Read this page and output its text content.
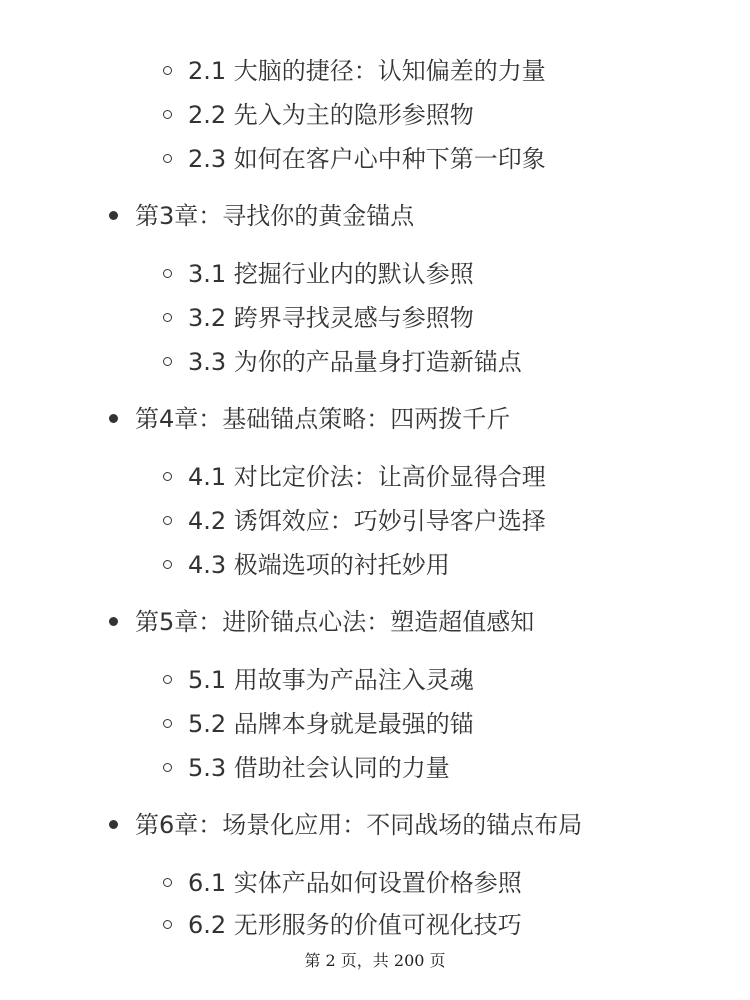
2.1 大脑的捷径：认知偏差的力量
2.2 先入为主的隐形参照物
2.3 如何在客户心中种下第一印象
第3章：寻找你的黄金锚点
3.1 挖掘行业内的默认参照
3.2 跨界寻找灵感与参照物
3.3 为你的产品量身打造新锚点
第4章：基础锚点策略：四两拨千斤
4.1 对比定价法：让高价显得合理
4.2 诱饵效应：巧妙引导客户选择
4.3 极端选项的衬托妙用
第5章：进阶锚点心法：塑造超值感知
5.1 用故事为产品注入灵魂
5.2 品牌本身就是最强的锚
5.3 借助社会认同的力量
第6章：场景化应用：不同战场的锚点布局
6.1 实体产品如何设置价格参照
6.2 无形服务的价值可视化技巧
第 2 页，共 200 页
